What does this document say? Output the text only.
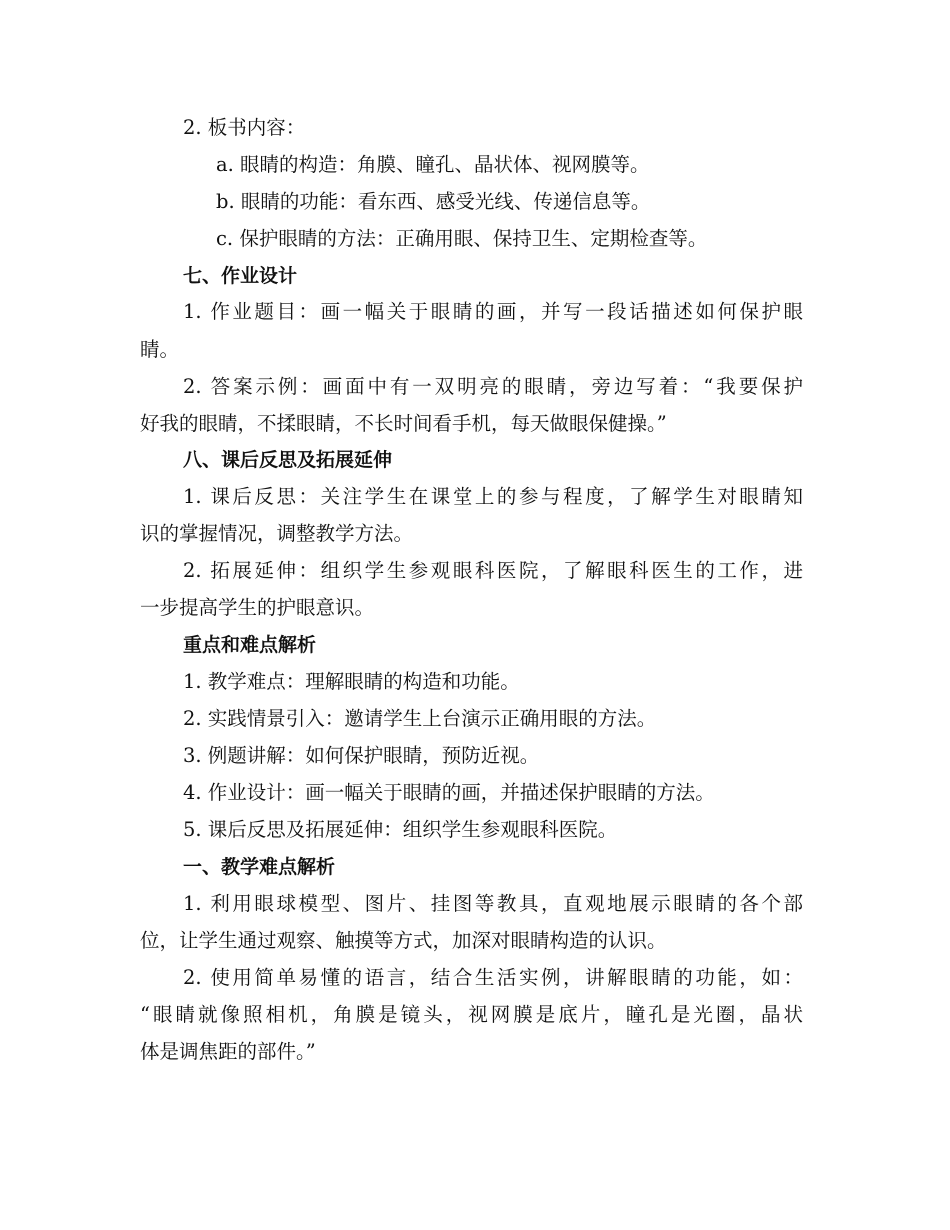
2. 板书内容：
a. 眼睛的构造：角膜、瞳孔、晶状体、视网膜等。
b. 眼睛的功能：看东西、感受光线、传递信息等。
c. 保护眼睛的方法：正确用眼、保持卫生、定期检查等。
七、作业设计
1. 作业题目：画一幅关于眼睛的画，并写一段话描述如何保护眼
睛。
2. 答案示例：画面中有一双明亮的眼睛，旁边写着：“我要保护
好我的眼睛，不揉眼睛，不长时间看手机，每天做眼保健操。”
八、课后反思及拓展延伸
1. 课后反思：关注学生在课堂上的参与程度，了解学生对眼睛知
识的掌握情况，调整教学方法。
2. 拓展延伸：组织学生参观眼科医院，了解眼科医生的工作，进
一步提高学生的护眼意识。
重点和难点解析
1. 教学难点：理解眼睛的构造和功能。
2. 实践情景引入：邀请学生上台演示正确用眼的方法。
3. 例题讲解：如何保护眼睛，预防近视。
4. 作业设计：画一幅关于眼睛的画，并描述保护眼睛的方法。
5. 课后反思及拓展延伸：组织学生参观眼科医院。
一、教学难点解析
1. 利用眼球模型、图片、挂图等教具，直观地展示眼睛的各个部
位，让学生通过观察、触摸等方式，加深对眼睛构造的认识。
2. 使用简单易懂的语言，结合生活实例，讲解眼睛的功能，如：
“眼睛就像照相机，角膜是镜头，视网膜是底片，瞳孔是光圈，晶状
体是调焦距的部件。”
